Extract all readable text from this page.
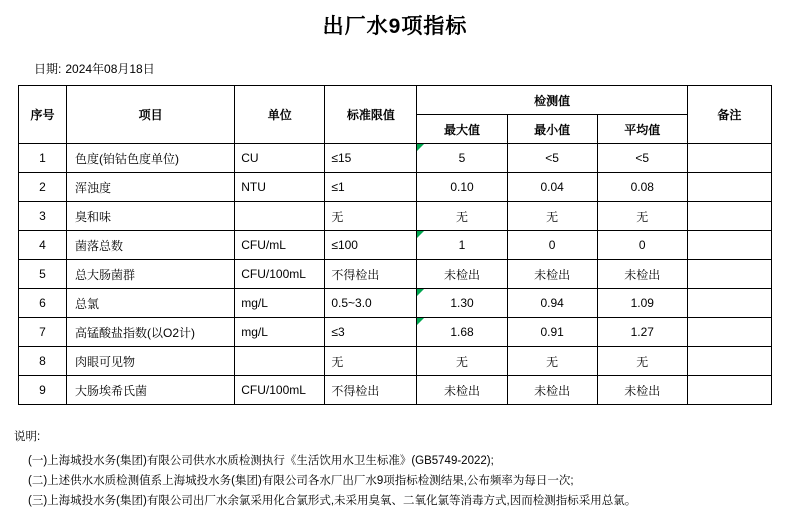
出厂水9项指标
日期: 2024年08月18日
序号	项目	单位	标准限值	检测值			备注
				最大值	最小值	平均值	
1	色度(铂钴色度单位)	CU	≤15	5	<5	<5	
2	浑浊度	NTU	≤1	0.10	0.04	0.08	
3	臭和味		无	无	无	无	
4	菌落总数	CFU/mL	≤100	1	0	0	
5	总大肠菌群	CFU/100mL	不得检出	未检出	未检出	未检出	
6	总氯	mg/L	0.5~3.0	1.30	0.94	1.09	
7	高锰酸盐指数(以O2计)	mg/L	≤3	1.68	0.91	1.27	
8	肉眼可见物		无	无	无	无	
9	大肠埃希氏菌	CFU/100mL	不得检出	未检出	未检出	未检出	
说明:
(一)上海城投水务(集团)有限公司供水水质检测执行《生活饮用水卫生标准》(GB5749-2022);
(二)上述供水水质检测值系上海城投水务(集团)有限公司各水厂出厂水9项指标检测结果,公布频率为每日一次;
(三)上海城投水务(集团)有限公司出厂水余氯采用化合氯形式,未采用臭氧、二氧化氯等消毒方式,因而检测指标采用总氯。
